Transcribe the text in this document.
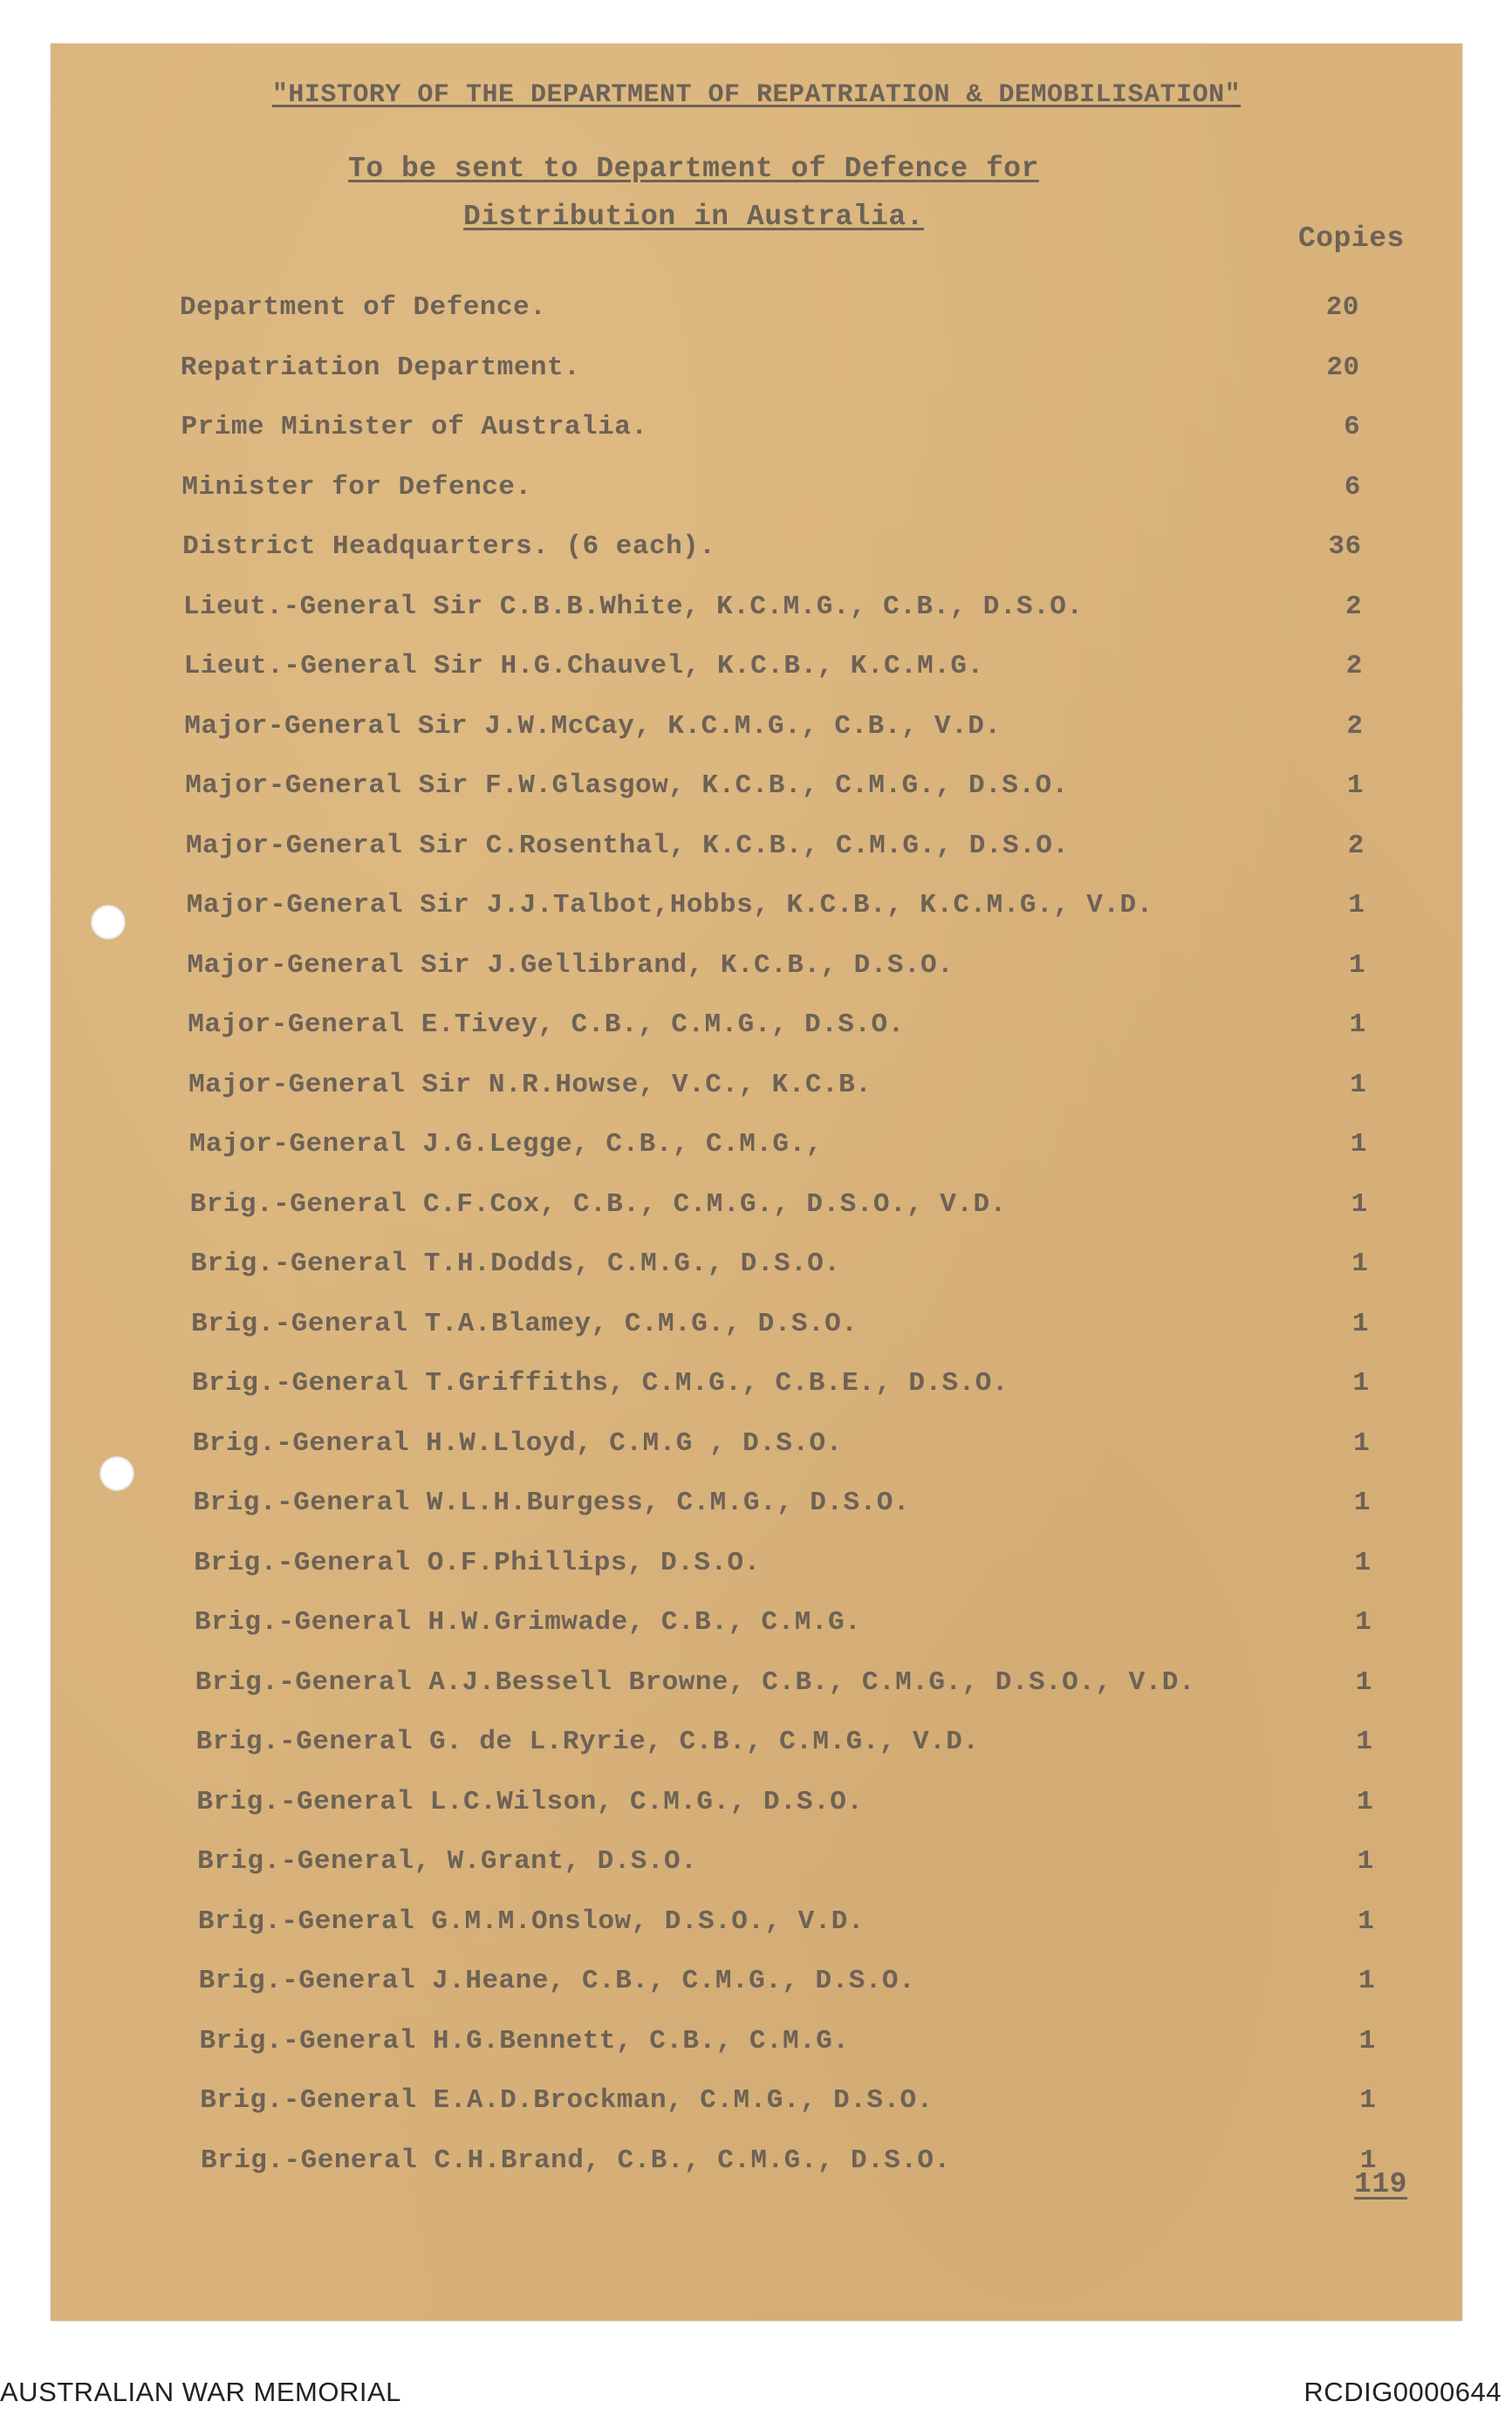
"HISTORY OF THE DEPARTMENT OF REPATRIATION & DEMOBILISATION"
To be sent to Department of Defence for
Distribution in Australia.
Copies
Department of Defence.	20
Repatriation Department.	20
Prime Minister of Australia.	6
Minister for Defence.	6
District Headquarters. (6 each).	36
Lieut.-General Sir C.B.B.White, K.C.M.G., C.B., D.S.O.	2
Lieut.-General Sir H.G.Chauvel, K.C.B., K.C.M.G.	2
Major-General Sir J.W.McCay, K.C.M.G., C.B., V.D.	2
Major-General Sir F.W.Glasgow, K.C.B., C.M.G., D.S.O.	1
Major-General Sir C.Rosenthal, K.C.B., C.M.G., D.S.O.	2
Major-General Sir J.J.Talbot,Hobbs, K.C.B., K.C.M.G., V.D.	1
Major-General Sir J.Gellibrand, K.C.B., D.S.O.	1
Major-General E.Tivey, C.B., C.M.G., D.S.O.	1
Major-General Sir N.R.Howse, V.C., K.C.B.	1
Major-General J.G.Legge, C.B., C.M.G.,	1
Brig.-General C.F.Cox, C.B., C.M.G., D.S.O., V.D.	1
Brig.-General T.H.Dodds, C.M.G., D.S.O.	1
Brig.-General T.A.Blamey, C.M.G., D.S.O.	1
Brig.-General T.Griffiths, C.M.G., C.B.E., D.S.O.	1
Brig.-General H.W.Lloyd, C.M.G , D.S.O.	1
Brig.-General W.L.H.Burgess, C.M.G., D.S.O.	1
Brig.-General O.F.Phillips, D.S.O.	1
Brig.-General H.W.Grimwade, C.B., C.M.G.	1
Brig.-General A.J.Bessell Browne, C.B., C.M.G., D.S.O., V.D.	1
Brig.-General G. de L.Ryrie, C.B., C.M.G., V.D.	1
Brig.-General L.C.Wilson, C.M.G., D.S.O.	1
Brig.-General, W.Grant, D.S.O.	1
Brig.-General G.M.M.Onslow, D.S.O., V.D.	1
Brig.-General J.Heane, C.B., C.M.G., D.S.O.	1
Brig.-General H.G.Bennett, C.B., C.M.G.	1
Brig.-General E.A.D.Brockman, C.M.G., D.S.O.	1
Brig.-General C.H.Brand, C.B., C.M.G., D.S.O.	1
119
AUSTRALIAN WAR MEMORIAL	RCDIG0000644
